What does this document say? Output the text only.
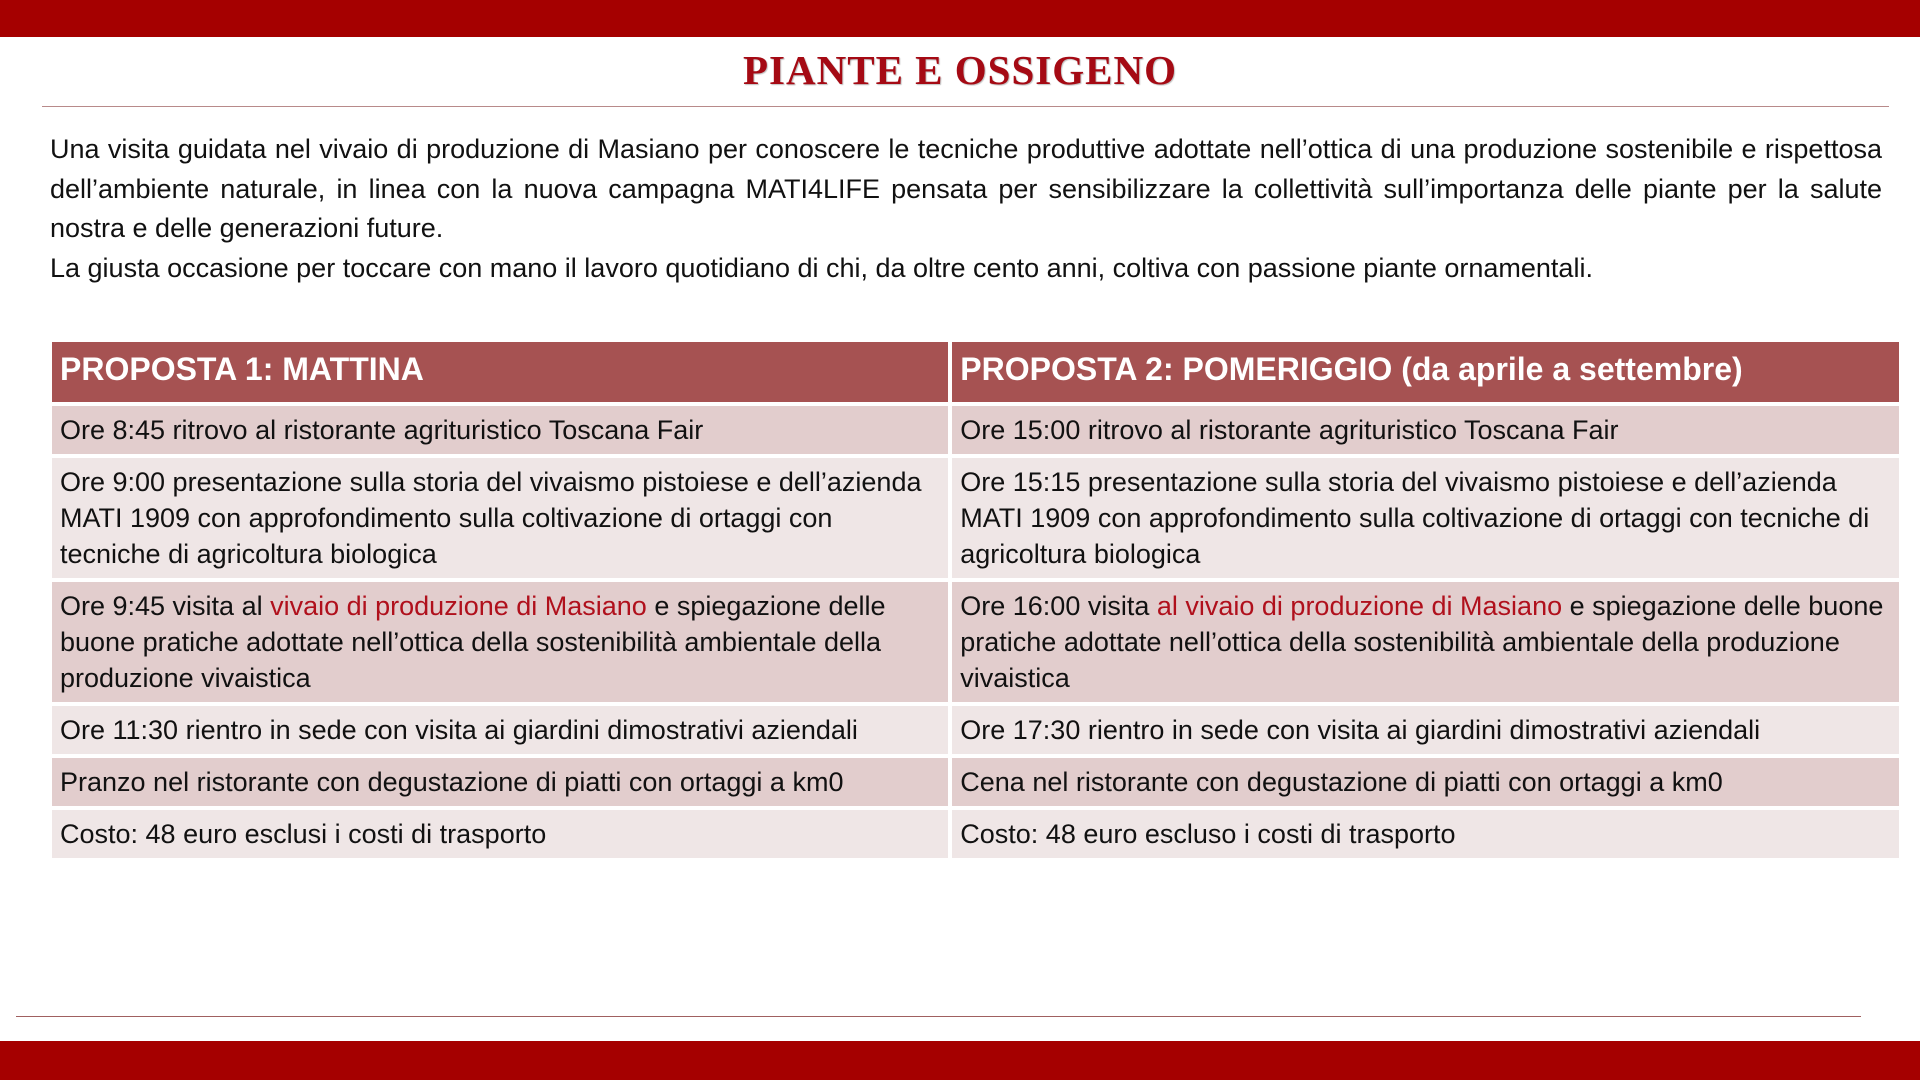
PIANTE E OSSIGENO

Una visita guidata nel vivaio di produzione di Masiano per conoscere le tecniche produttive adottate nell’ottica di una produzione sostenibile e rispettosa dell’ambiente naturale, in linea con la nuova campagna MATI4LIFE pensata per sensibilizzare la collettività sull’importanza delle piante per la salute nostra e delle generazioni future.

La giusta occasione per toccare con mano il lavoro quotidiano di chi, da oltre cento anni, coltiva con passione piante ornamentali.

PROPOSTA 1: MATTINA	PROPOSTA 2: POMERIGGIO (da aprile a settembre)
Ore 8:45 ritrovo al ristorante agrituristico Toscana Fair	Ore 15:00 ritrovo al ristorante agrituristico Toscana Fair
Ore 9:00 presentazione sulla storia del vivaismo pistoiese e dell’azienda MATI 1909 con approfondimento sulla coltivazione di ortaggi con tecniche di agricoltura biologica	Ore 15:15 presentazione sulla storia del vivaismo pistoiese e dell’azienda MATI 1909 con approfondimento sulla coltivazione di ortaggi con tecniche di agricoltura biologica
Ore 9:45 visita al vivaio di produzione di Masiano e spiegazione delle buone pratiche adottate nell’ottica della sostenibilità ambientale della produzione vivaistica	Ore 16:00 visita al vivaio di produzione di Masiano e spiegazione delle buone pratiche adottate nell’ottica della sostenibilità ambientale della produzione vivaistica
Ore 11:30 rientro in sede con visita ai giardini dimostrativi aziendali	Ore 17:30 rientro in sede con visita ai giardini dimostrativi aziendali
Pranzo nel ristorante con degustazione di piatti con ortaggi a km0	Cena nel ristorante con degustazione di piatti con ortaggi a km0
Costo: 48 euro esclusi i costi di trasporto	Costo: 48 euro escluso i costi di trasporto
